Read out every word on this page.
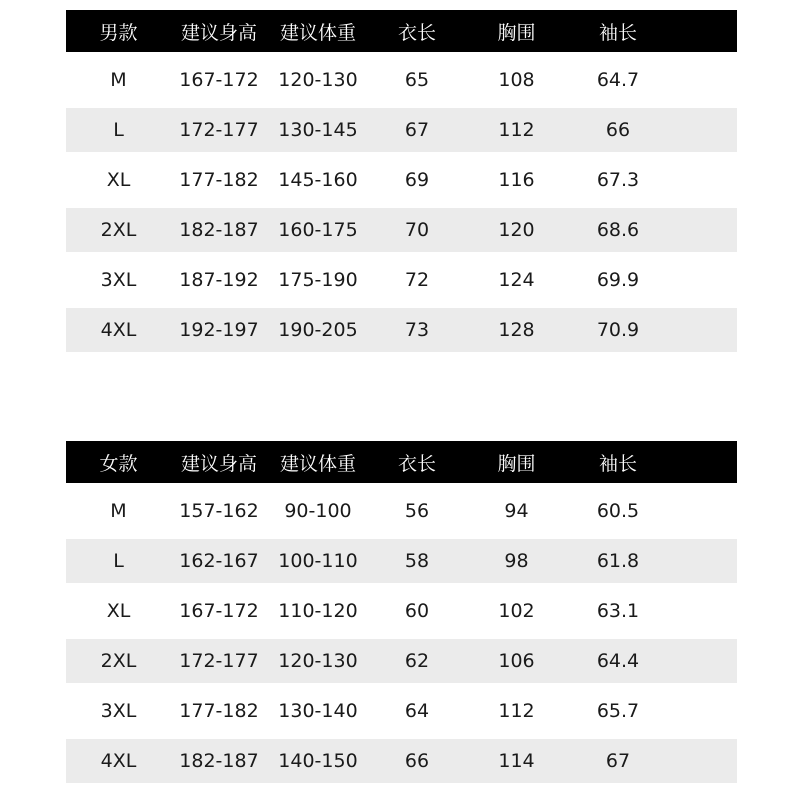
男款	建议身高	建议体重	衣长	胸围	袖长
M	167-172	120-130	65	108	64.7
L	172-177	130-145	67	112	66
XL	177-182	145-160	69	116	67.3
2XL	182-187	160-175	70	120	68.6
3XL	187-192	175-190	72	124	69.9
4XL	192-197	190-205	73	128	70.9
女款	建议身高	建议体重	衣长	胸围	袖长
M	157-162	90-100	56	94	60.5
L	162-167	100-110	58	98	61.8
XL	167-172	110-120	60	102	63.1
2XL	172-177	120-130	62	106	64.4
3XL	177-182	130-140	64	112	65.7
4XL	182-187	140-150	66	114	67
